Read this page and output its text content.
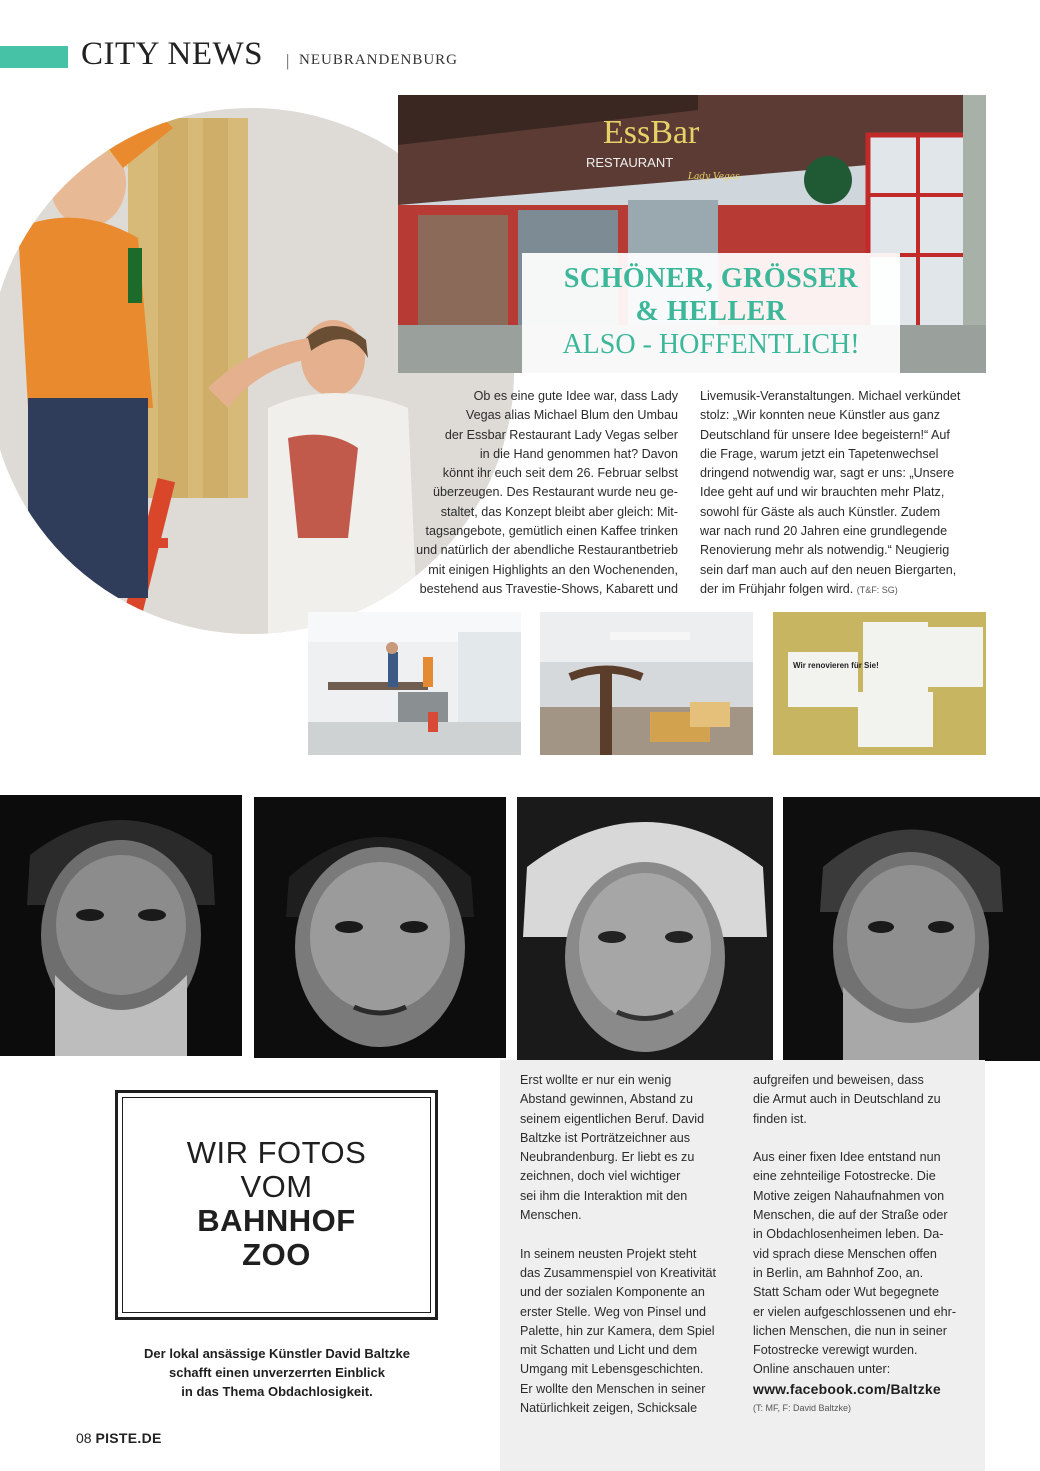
CITY NEWS | NEUBRANDENBURG
EssBar
RESTAURANT
Lady Vegas
SCHÖNER, GRÖSSER
& HELLER
ALSO - HOFFENTLICH!
Ob es eine gute Idee war, dass Lady
Vegas alias Michael Blum den Umbau
der Essbar Restaurant Lady Vegas selber
in die Hand genommen hat? Davon
könnt ihr euch seit dem 26. Februar selbst
überzeugen. Des Restaurant wurde neu ge-
staltet, das Konzept bleibt aber gleich: Mit-
tagsangebote, gemütlich einen Kaffee trinken
und natürlich der abendliche Restaurantbetrieb
mit einigen Highlights an den Wochenenden,
bestehend aus Travestie-Shows, Kabarett und
Livemusik-Veranstaltungen. Michael verkündet
stolz: „Wir konnten neue Künstler aus ganz
Deutschland für unsere Idee begeistern!“ Auf
die Frage, warum jetzt ein Tapetenwechsel
dringend notwendig war, sagt er uns: „Unsere
Idee geht auf und wir brauchten mehr Platz,
sowohl für Gäste als auch Künstler. Zudem
war nach rund 20 Jahren eine grundlegende
Renovierung mehr als notwendig.“ Neugierig
sein darf man auch auf den neuen Biergarten,
der im Frühjahr folgen wird. (T&F: SG)
Wir renovieren für Sie!
WIR FOTOS
VOM
BAHNHOF
ZOO
Der lokal ansässige Künstler David Baltzke
schafft einen unverzerrten Einblick
in das Thema Obdachlosigkeit.
Erst wollte er nur ein wenig
Abstand gewinnen, Abstand zu
seinem eigentlichen Beruf. David
Baltzke ist Porträtzeichner aus
Neubrandenburg. Er liebt es zu
zeichnen, doch viel wichtiger
sei ihm die Interaktion mit den
Menschen.
In seinem neusten Projekt steht
das Zusammenspiel von Kreativität
und der sozialen Komponente an
erster Stelle. Weg von Pinsel und
Palette, hin zur Kamera, dem Spiel
mit Schatten und Licht und dem
Umgang mit Lebensgeschichten.
Er wollte den Menschen in seiner
Natürlichkeit zeigen, Schicksale
aufgreifen und beweisen, dass
die Armut auch in Deutschland zu
finden ist.
Aus einer fixen Idee entstand nun
eine zehnteilige Fotostrecke. Die
Motive zeigen Nahaufnahmen von
Menschen, die auf der Straße oder
in Obdachlosenheimen leben. Da-
vid sprach diese Menschen offen
in Berlin, am Bahnhof Zoo, an.
Statt Scham oder Wut begegnete
er vielen aufgeschlossenen und ehr-
lichen Menschen, die nun in seiner
Fotostrecke verewigt wurden.
Online anschauen unter:
www.facebook.com/Baltzke
(T: MF, F: David Baltzke)
08 PISTE.DE
